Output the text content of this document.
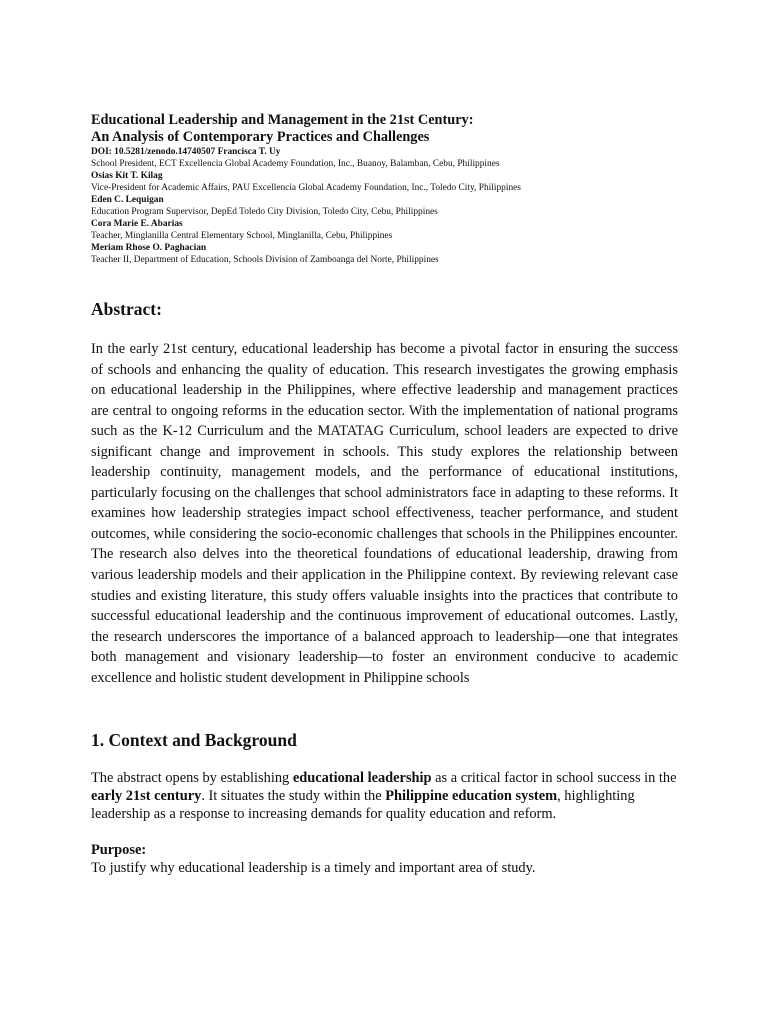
Educational Leadership and Management in the 21st Century:
An Analysis of Contemporary Practices and Challenges
DOI: 10.5281/zenodo.14740507 Francisca T. Uy
School President, ECT Excellencia Global Academy Foundation, Inc., Buanoy, Balamban, Cebu, Philippines
Osias Kit T. Kilag
Vice-President for Academic Affairs, PAU Excellencia Global Academy Foundation, Inc., Toledo City, Philippines
Eden C. Lequigan
Education Program Supervisor, DepEd Toledo City Division, Toledo City, Cebu, Philippines
Cora Marie E. Abarias
Teacher, Minglanilla Central Elementary School, Minglanilla, Cebu, Philippines
Meriam Rhose O. Paghacian
Teacher II, Department of Education, Schools Division of Zamboanga del Norte, Philippines
Abstract:

In the early 21st century, educational leadership has become a pivotal factor in ensuring the success of schools and enhancing the quality of education. This research investigates the growing emphasis on educational leadership in the Philippines, where effective leadership and management practices are central to ongoing reforms in the education sector. With the implementation of national programs such as the K-12 Curriculum and the MATATAG Curriculum, school leaders are expected to drive significant change and improvement in schools. This study explores the relationship between leadership continuity, management models, and the performance of educational institutions, particularly focusing on the challenges that school administrators face in adapting to these reforms. It examines how leadership strategies impact school effectiveness, teacher performance, and student outcomes, while considering the socio-economic challenges that schools in the Philippines encounter. The research also delves into the theoretical foundations of educational leadership, drawing from various leadership models and their application in the Philippine context. By reviewing relevant case studies and existing literature, this study offers valuable insights into the practices that contribute to successful educational leadership and the continuous improvement of educational outcomes. Lastly, the research underscores the importance of a balanced approach to leadership—one that integrates both management and visionary leadership—to foster an environment conducive to academic excellence and holistic student development in Philippine schools

1. Context and Background

The abstract opens by establishing educational leadership as a critical factor in school success in the early 21st century. It situates the study within the Philippine education system, highlighting leadership as a response to increasing demands for quality education and reform.

Purpose:
To justify why educational leadership is a timely and important area of study.
